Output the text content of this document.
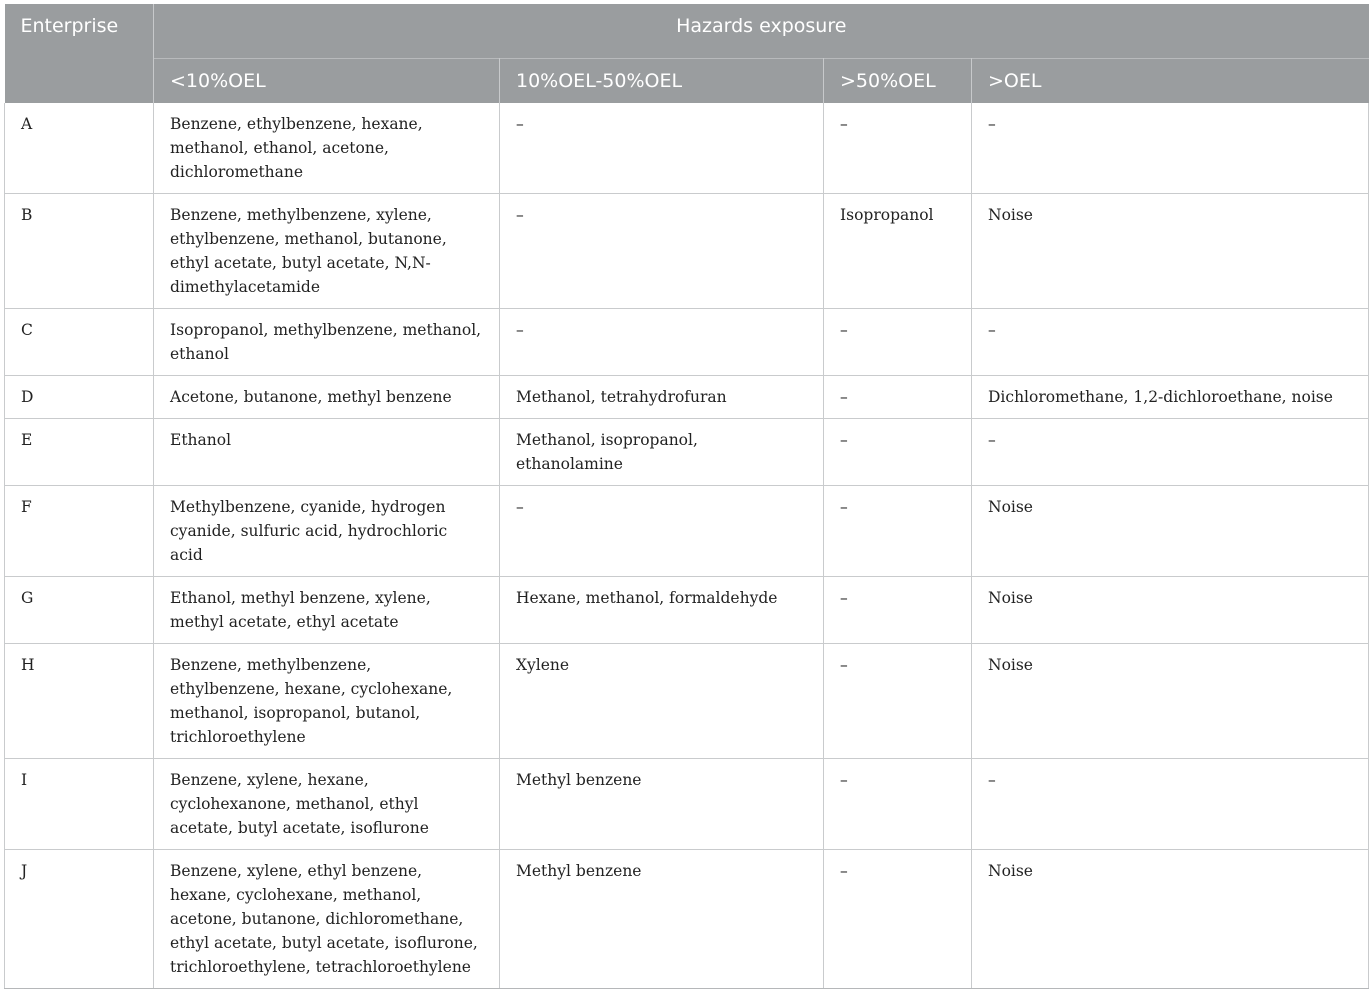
Enterprise	Hazards exposure			
	<10%OEL	10%OEL-50%OEL	>50%OEL	>OEL
A	Benzene, ethylbenzene, hexane, methanol, ethanol, acetone, dichloromethane	–	–	–
B	Benzene, methylbenzene, xylene, ethylbenzene, methanol, butanone, ethyl acetate, butyl acetate, N,N-dimethylacetamide	–	Isopropanol	Noise
C	Isopropanol, methylbenzene, methanol, ethanol	–	–	–
D	Acetone, butanone, methyl benzene	Methanol, tetrahydrofuran	–	Dichloromethane, 1,2-dichloroethane, noise
E	Ethanol	Methanol, isopropanol, ethanolamine	–	–
F	Methylbenzene, cyanide, hydrogen cyanide, sulfuric acid, hydrochloric acid	–	–	Noise
G	Ethanol, methyl benzene, xylene, methyl acetate, ethyl acetate	Hexane, methanol, formaldehyde	–	Noise
H	Benzene, methylbenzene, ethylbenzene, hexane, cyclohexane, methanol, isopropanol, butanol, trichloroethylene	Xylene	–	Noise
I	Benzene, xylene, hexane, cyclohexanone, methanol, ethyl acetate, butyl acetate, isoflurone	Methyl benzene	–	–
J	Benzene, xylene, ethyl benzene, hexane, cyclohexane, methanol, acetone, butanone, dichloromethane, ethyl acetate, butyl acetate, isoflurone, trichloroethylene, tetrachloroethylene	Methyl benzene	–	Noise
